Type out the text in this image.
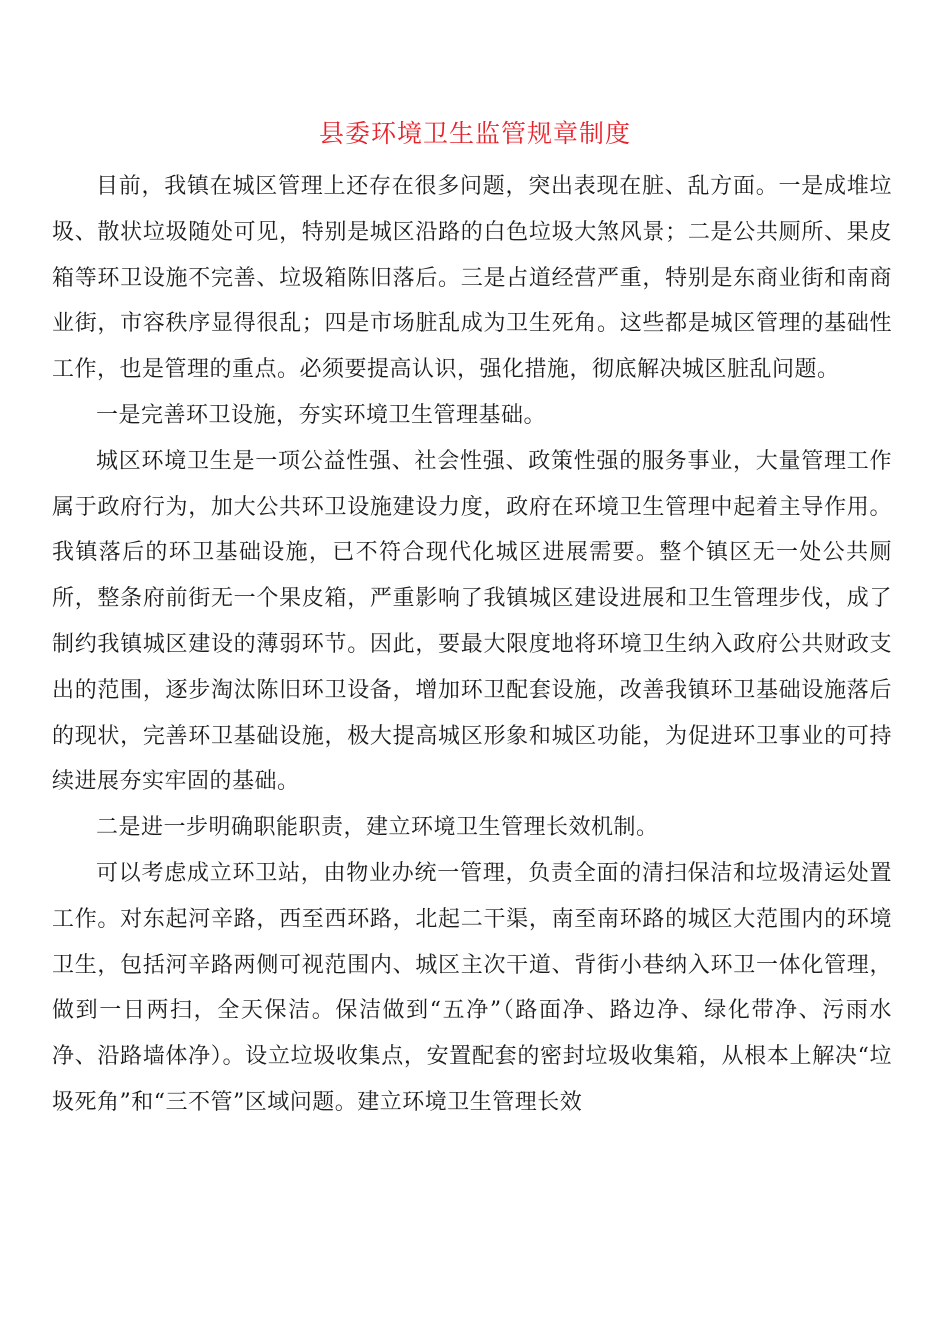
县委环境卫生监管规章制度

目前，我镇在城区管理上还存在很多问题，突出表现在脏、乱方面。一是成堆垃圾、散状垃圾随处可见，特别是城区沿路的白色垃圾大煞风景；二是公共厕所、果皮箱等环卫设施不完善、垃圾箱陈旧落后。三是占道经营严重，特别是东商业街和南商业街，市容秩序显得很乱；四是市场脏乱成为卫生死角。这些都是城区管理的基础性工作，也是管理的重点。必须要提高认识，强化措施，彻底解决城区脏乱问题。

一是完善环卫设施，夯实环境卫生管理基础。

城区环境卫生是一项公益性强、社会性强、政策性强的服务事业，大量管理工作属于政府行为，加大公共环卫设施建设力度，政府在环境卫生管理中起着主导作用。我镇落后的环卫基础设施，已不符合现代化城区进展需要。整个镇区无一处公共厕所，整条府前街无一个果皮箱，严重影响了我镇城区建设进展和卫生管理步伐，成了制约我镇城区建设的薄弱环节。因此，要最大限度地将环境卫生纳入政府公共财政支出的范围，逐步淘汰陈旧环卫设备，增加环卫配套设施，改善我镇环卫基础设施落后的现状，完善环卫基础设施，极大提高城区形象和城区功能，为促进环卫事业的可持续进展夯实牢固的基础。

二是进一步明确职能职责，建立环境卫生管理长效机制。

可以考虑成立环卫站，由物业办统一管理，负责全面的清扫保洁和垃圾清运处置工作。对东起河辛路，西至西环路，北起二干渠，南至南环路的城区大范围内的环境卫生，包括河辛路两侧可视范围内、城区主次干道、背街小巷纳入环卫一体化管理，做到一日两扫，全天保洁。保洁做到“五净”（路面净、路边净、绿化带净、污雨水净、沿路墙体净）。设立垃圾收集点，安置配套的密封垃圾收集箱，从根本上解决“垃圾死角”和“三不管”区域问题。建立环境卫生管理长效
